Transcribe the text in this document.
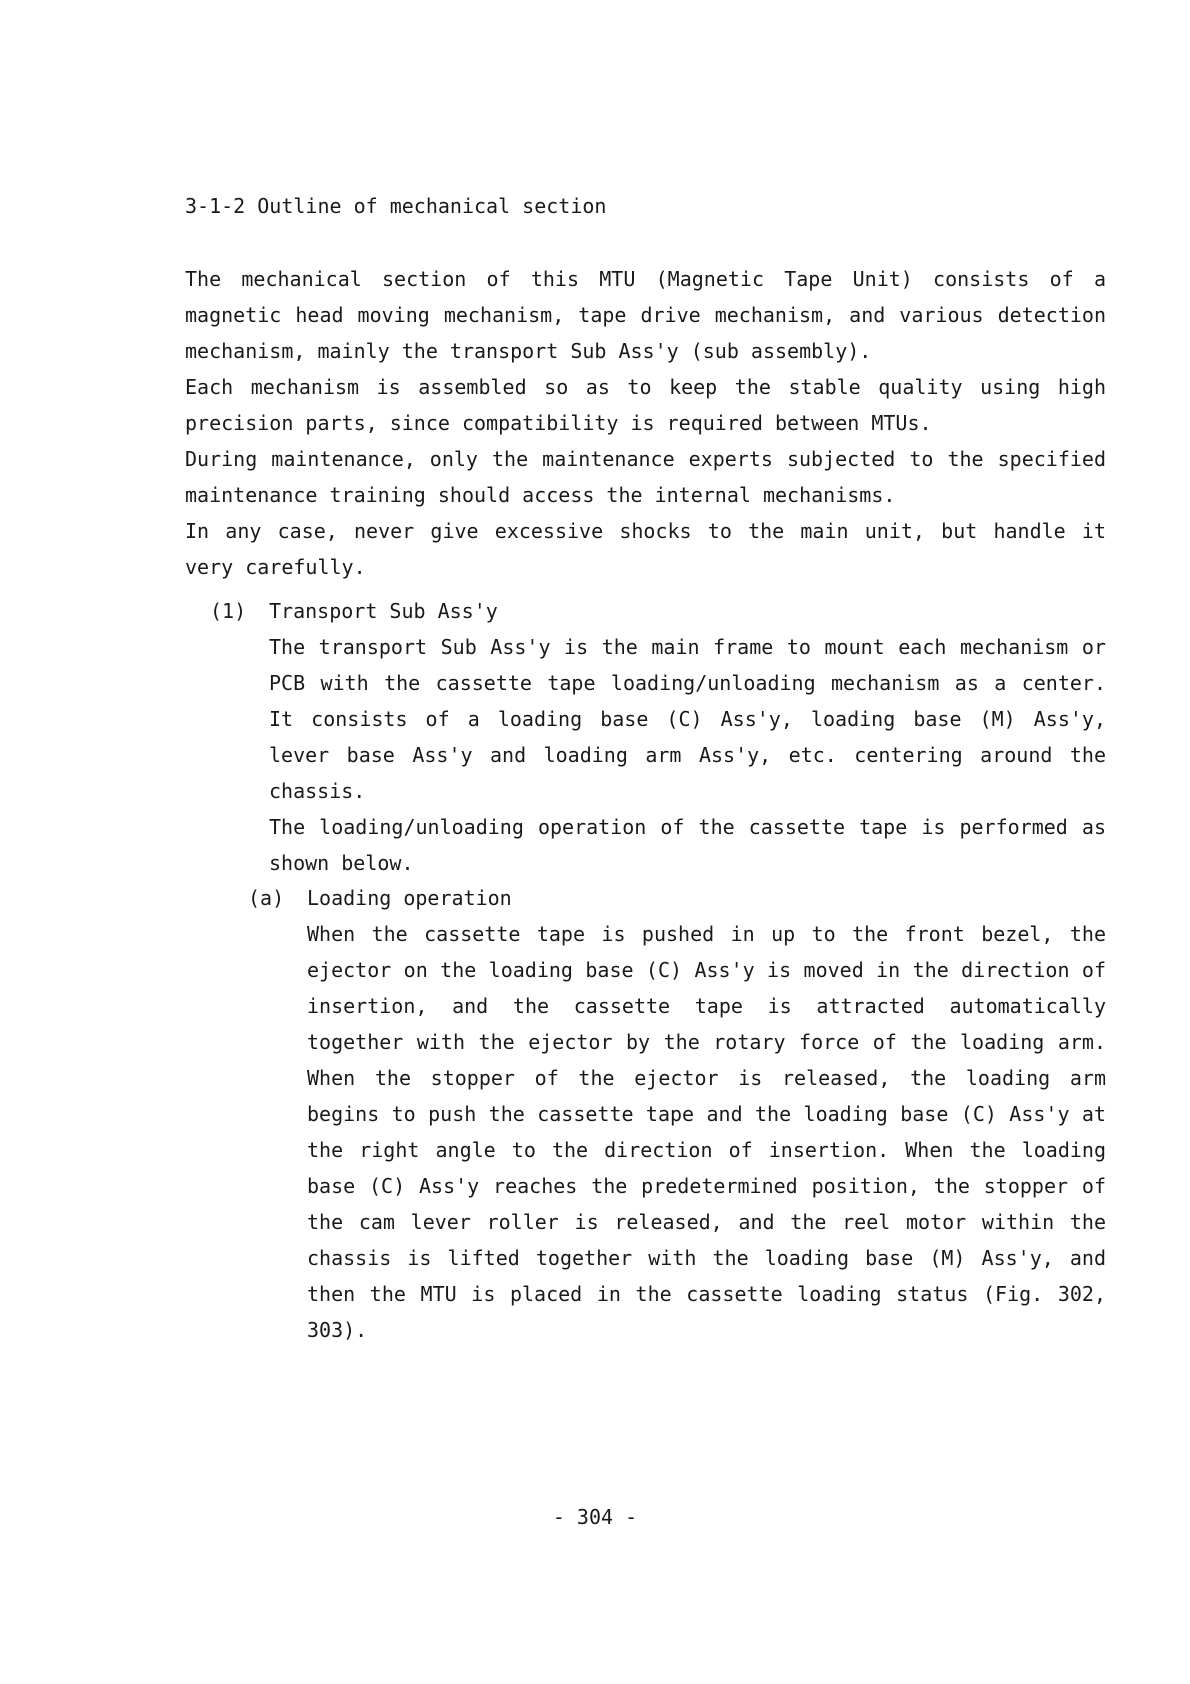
3-1-2 Outline of mechanical section

The mechanical section of this MTU (Magnetic Tape Unit) consists of a magnetic head moving mechanism, tape drive mechanism, and various detection mechanism, mainly the transport Sub Ass'y (sub assembly).

Each mechanism is assembled so as to keep the stable quality using high precision parts, since compatibility is required between MTUs.

During maintenance, only the maintenance experts subjected to the specified maintenance training should access the internal mechanisms.

In any case, never give excessive shocks to the main unit, but handle it very carefully.

(1) Transport Sub Ass'y

The transport Sub Ass'y is the main frame to mount each mechanism or PCB with the cassette tape loading/unloading mechanism as a center. It consists of a loading base (C) Ass'y, loading base (M) Ass'y, lever base Ass'y and loading arm Ass'y, etc. centering around the chassis.

The loading/unloading operation of the cassette tape is performed as shown below.

(a) Loading operation

When the cassette tape is pushed in up to the front bezel, the ejector on the loading base (C) Ass'y is moved in the direction of insertion, and the cassette tape is attracted automatically together with the ejector by the rotary force of the loading arm. When the stopper of the ejector is released, the loading arm begins to push the cassette tape and the loading base (C) Ass'y at the right angle to the direction of insertion. When the loading base (C) Ass'y reaches the predetermined position, the stopper of the cam lever roller is released, and the reel motor within the chassis is lifted together with the loading base (M) Ass'y, and then the MTU is placed in the cassette loading status (Fig. 302, 303).

- 304 -
